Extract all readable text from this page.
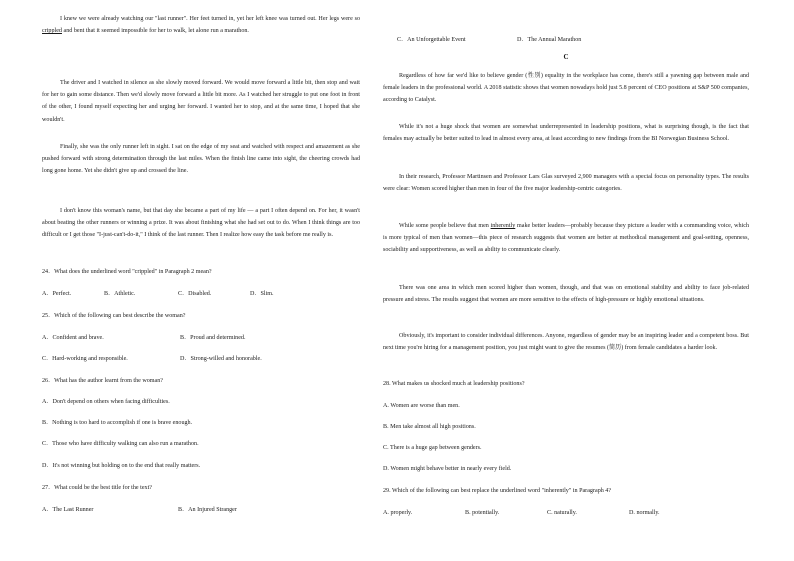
I knew we were already watching our "last runner". Her feet turned in, yet her left knee was turned out. Her legs were so crippled and bent that it seemed impossible for her to walk, let alone run a marathon.
The driver and I watched in silence as she slowly moved forward. We would move forward a little bit, then stop and wait for her to gain some distance. Then we'd slowly move forward a little bit more. As I watched her struggle to put one foot in front of the other, I found myself expecting her and urging her forward. I wanted her to stop, and at the same time, I hoped that she wouldn't.
Finally, she was the only runner left in sight. I sat on the edge of my seat and watched with respect and amazement as she pushed forward with strong determination through the last miles. When the finish line came into sight, the cheering crowds had long gone home. Yet she didn't give up and crossed the line.
I don't know this woman's name, but that day she became a part of my life — a part I often depend on. For her, it wasn't about beating the other runners or winning a prize. It was about finishing what she had set out to do. When I think things are too difficult or I get those "I-just-can't-do-it," I think of the last runner. Then I realize how easy the task before me really is.
24．What does the underlined word "crippled" in Paragraph 2 mean?
A．Perfect.	B．Athletic.	C．Disabled.	D．Slim.
25．Which of the following can best describe the woman?
A．Confident and brave.	B．Proud and determined.
C．Hard-working and responsible.	D．Strong-willed and honorable.
26．What has the author learnt from the woman?
A．Don't depend on others when facing difficulties.
B．Nothing is too hard to accomplish if one is brave enough.
C．Those who have difficulty walking can also run a marathon.
D．It's not winning but holding on to the end that really matters.
27．What could be the best title for the text?
A．The Last Runner	B．An Injured Stranger
C．An Unforgettable Event	D．The Annual Marathon
C
Regardless of how far we'd like to believe gender (性别) equality in the workplace has come, there's still a yawning gap between male and female leaders in the professional world. A 2018 statistic shows that women nowadays hold just 5.8 percent of CEO positions at S&P 500 companies, according to Catalyst.
While it's not a huge shock that women are somewhat underrepresented in leadership positions, what is surprising though, is the fact that females may actually be better suited to lead in almost every area, at least according to new findings from the BI Norwegian Business School.
In their research, Professor Martinsen and Professor Lars Glas surveyed 2,900 managers with a special focus on personality types. The results were clear: Women scored higher than men in four of the five major leadership-centric categories.
While some people believe that men inherently make better leaders—probably because they picture a leader with a commanding voice, which is more typical of men than women—this piece of research suggests that women are better at methodical management and goal-setting, openness, sociability and supportiveness, as well as ability to communicate clearly.
There was one area in which men scored higher than women, though, and that was on emotional stability and ability to face job-related pressure and stress. The results suggest that women are more sensitive to the effects of high-pressure or highly emotional situations.
Obviously, it's important to consider individual differences. Anyone, regardless of gender may be an inspiring leader and a competent boss. But next time you're hiring for a management position, you just might want to give the resumes (简历) from female candidates a harder look.
28. What makes us shocked much at leadership positions?
A. Women are worse than men.
B. Men take almost all high positions.
C. There is a huge gap between genders.
D. Women might behave better in nearly every field.
29. Which of the following can best replace the underlined word "inherently" in Paragraph 4?
A. properly.	B. potentially.	C. naturally.	D. normally.
